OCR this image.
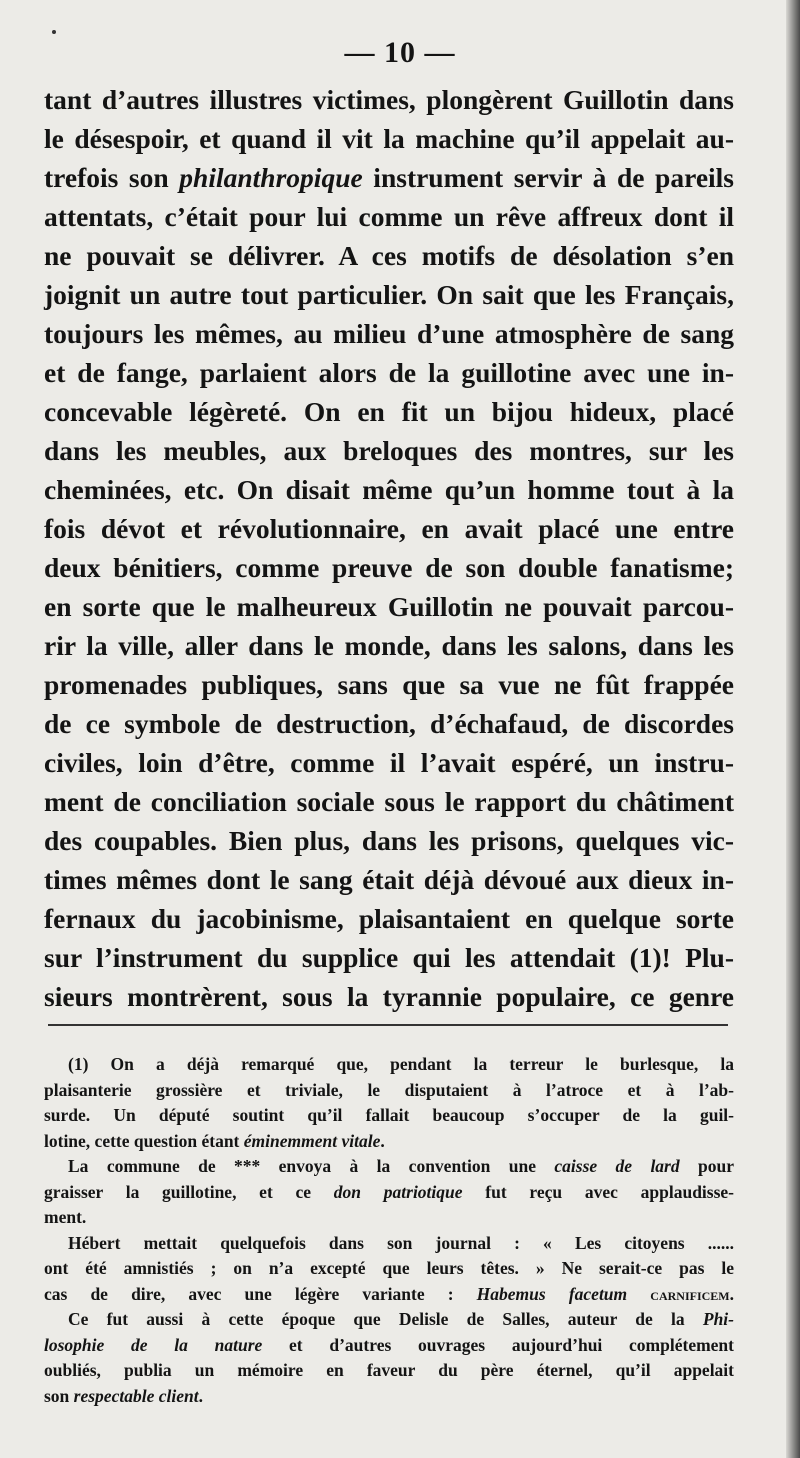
— 10 —
tant d’autres illustres victimes, plongèrent Guillotin dans
le désespoir, et quand il vit la machine qu’il appelait au-
trefois son philanthropique instrument servir à de pareils
attentats, c’était pour lui comme un rêve affreux dont il
ne pouvait se délivrer. A ces motifs de désolation s’en
joignit un autre tout particulier. On sait que les Français,
toujours les mêmes, au milieu d’une atmosphère de sang
et de fange, parlaient alors de la guillotine avec une in-
concevable légèreté. On en fit un bijou hideux, placé
dans les meubles, aux breloques des montres, sur les
cheminées, etc. On disait même qu’un homme tout à la
fois dévot et révolutionnaire, en avait placé une entre
deux bénitiers, comme preuve de son double fanatisme;
en sorte que le malheureux Guillotin ne pouvait parcou-
rir la ville, aller dans le monde, dans les salons, dans les
promenades publiques, sans que sa vue ne fût frappée
de ce symbole de destruction, d’échafaud, de discordes
civiles, loin d’être, comme il l’avait espéré, un instru-
ment de conciliation sociale sous le rapport du châtiment
des coupables. Bien plus, dans les prisons, quelques vic-
times mêmes dont le sang était déjà dévoué aux dieux in-
fernaux du jacobinisme, plaisantaient en quelque sorte
sur l’instrument du supplice qui les attendait (1)! Plu-
sieurs montrèrent, sous la tyrannie populaire, ce genre
(1) On a déjà remarqué que, pendant la terreur le burlesque, la
plaisanterie grossière et triviale, le disputaient à l’atroce et à l’ab-
surde. Un député soutint qu’il fallait beaucoup s’occuper de la guil-
lotine, cette question étant éminemment vitale.
La commune de *** envoya à la convention une caisse de lard pour
graisser la guillotine, et ce don patriotique fut reçu avec applaudisse-
ment.
Hébert mettait quelquefois dans son journal : « Les citoyens ......
ont été amnistiés ; on n’a excepté que leurs têtes. » Ne serait-ce pas le
cas de dire, avec une légère variante : Habemus facetum carnificem.
Ce fut aussi à cette époque que Delisle de Salles, auteur de la Phi-
losophie de la nature et d’autres ouvrages aujourd’hui complétement
oubliés, publia un mémoire en faveur du père éternel, qu’il appelait
son respectable client.
